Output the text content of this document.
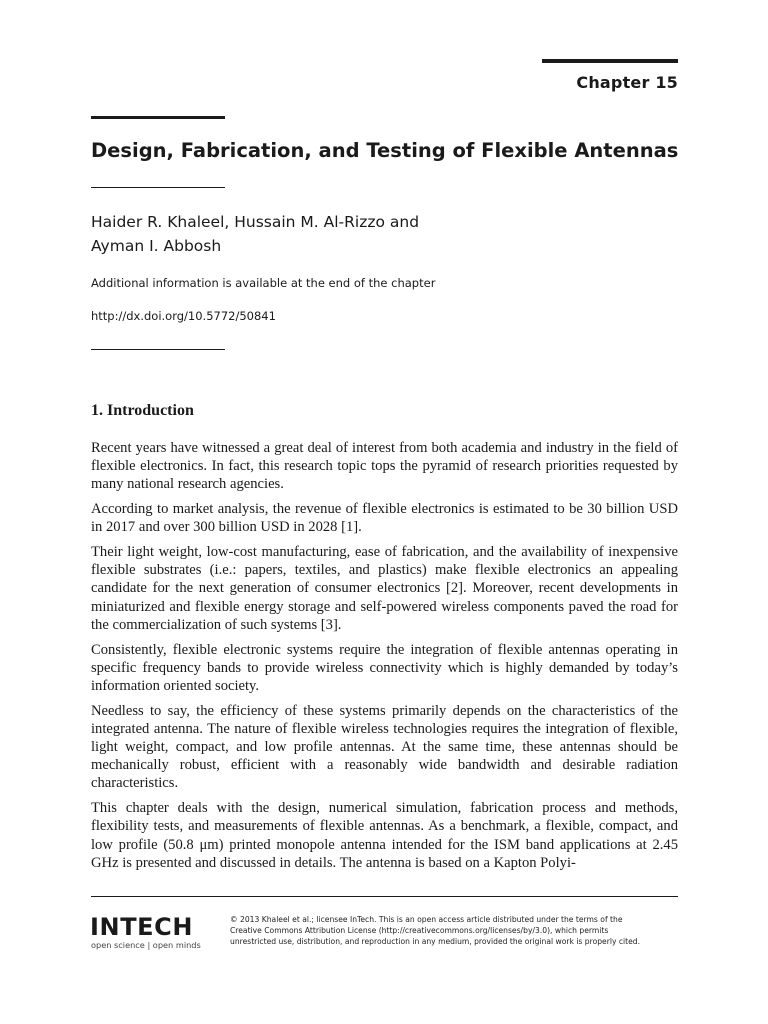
Chapter 15
Design, Fabrication, and Testing of Flexible Antennas
Haider R. Khaleel, Hussain M. Al-Rizzo and
Ayman I. Abbosh
Additional information is available at the end of the chapter
http://dx.doi.org/10.5772/50841
1. Introduction

Recent years have witnessed a great deal of interest from both academia and industry in the field of flexible electronics. In fact, this research topic tops the pyramid of research priorities requested by many national research agencies.

According to market analysis, the revenue of flexible electronics is estimated to be 30 billion USD in 2017 and over 300 billion USD in 2028 [1].

Their light weight, low-cost manufacturing, ease of fabrication, and the availability of inexpensive flexible substrates (i.e.: papers, textiles, and plastics) make flexible electronics an appealing candidate for the next generation of consumer electronics [2]. Moreover, recent developments in miniaturized and flexible energy storage and self-powered wireless components paved the road for the commercialization of such systems [3].

Consistently, flexible electronic systems require the integration of flexible antennas operating in specific frequency bands to provide wireless connectivity which is highly demanded by today’s information oriented society.

Needless to say, the efficiency of these systems primarily depends on the characteristics of the integrated antenna. The nature of flexible wireless technologies requires the integration of flexible, light weight, compact, and low profile antennas. At the same time, these antennas should be mechanically robust, efficient with a reasonably wide bandwidth and desirable radiation characteristics.

This chapter deals with the design, numerical simulation, fabrication process and methods, flexibility tests, and measurements of flexible antennas. As a benchmark, a flexible, compact, and low profile (50.8 μm) printed monopole antenna intended for the ISM band applications at 2.45 GHz is presented and discussed in details. The antenna is based on a Kapton Polyi-

INTECH
open science | open minds
© 2013 Khaleel et al.; licensee InTech. This is an open access article distributed under the terms of the
Creative Commons Attribution License (http://creativecommons.org/licenses/by/3.0), which permits
unrestricted use, distribution, and reproduction in any medium, provided the original work is properly cited.
